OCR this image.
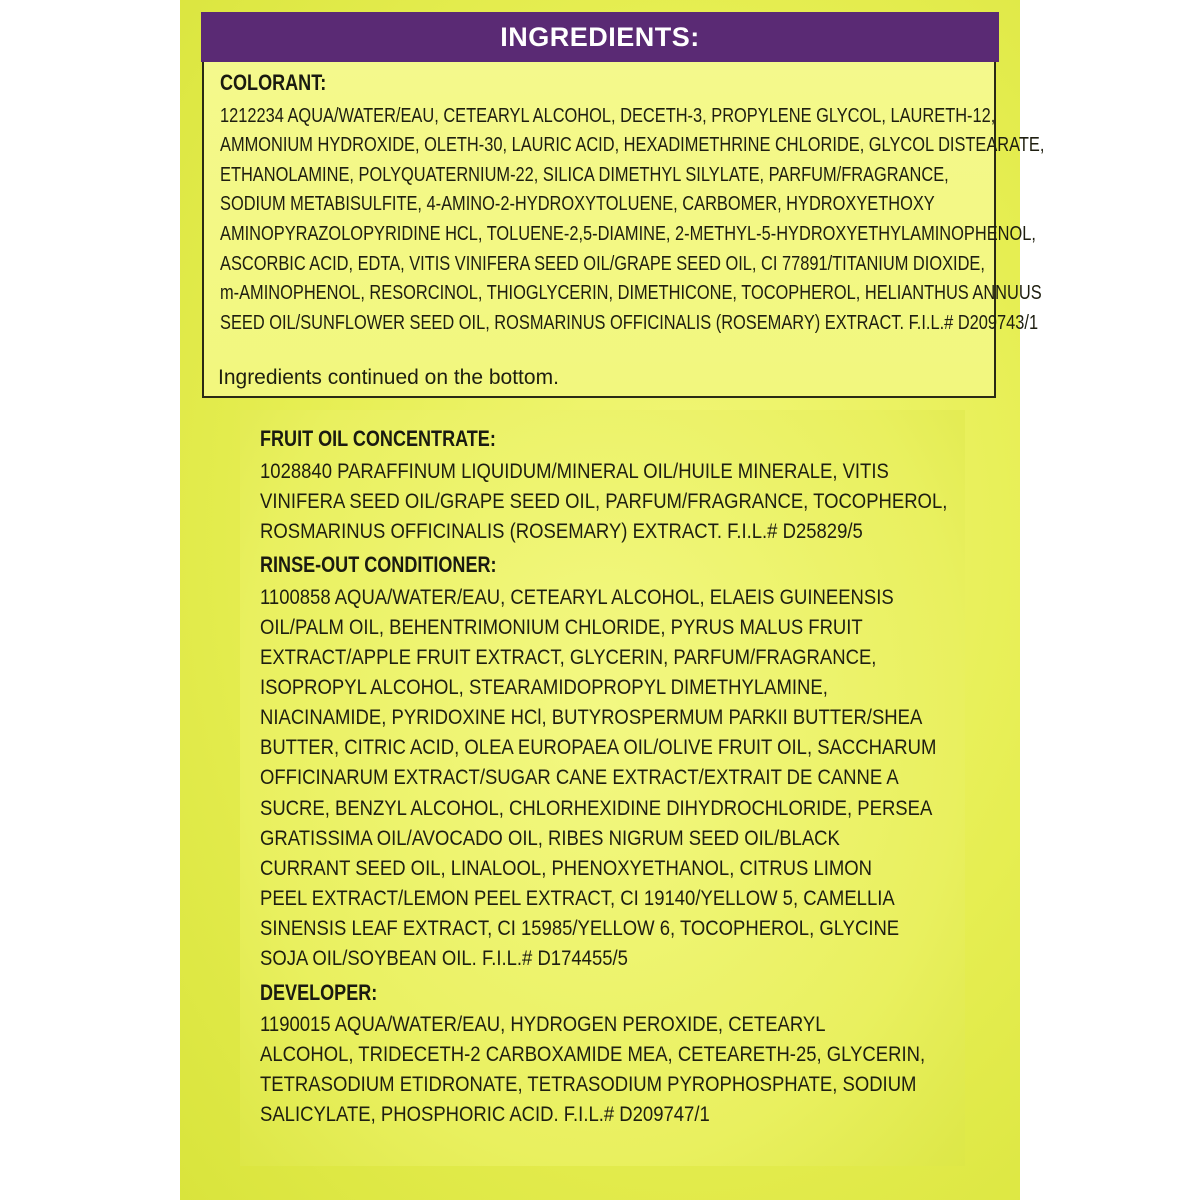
INGREDIENTS:
COLORANT:
1212234 AQUA/WATER/EAU, CETEARYL ALCOHOL, DECETH-3, PROPYLENE GLYCOL, LAURETH-12,
AMMONIUM HYDROXIDE, OLETH-30, LAURIC ACID, HEXADIMETHRINE CHLORIDE, GLYCOL DISTEARATE,
ETHANOLAMINE, POLYQUATERNIUM-22, SILICA DIMETHYL SILYLATE, PARFUM/FRAGRANCE,
SODIUM METABISULFITE, 4-AMINO-2-HYDROXYTOLUENE, CARBOMER, HYDROXYETHOXY
AMINOPYRAZOLOPYRIDINE HCL, TOLUENE-2,5-DIAMINE, 2-METHYL-5-HYDROXYETHYLAMINOPHENOL,
ASCORBIC ACID, EDTA, VITIS VINIFERA SEED OIL/GRAPE SEED OIL, CI 77891/TITANIUM DIOXIDE,
m-AMINOPHENOL, RESORCINOL, THIOGLYCERIN, DIMETHICONE, TOCOPHEROL, HELIANTHUS ANNUUS
SEED OIL/SUNFLOWER SEED OIL, ROSMARINUS OFFICINALIS (ROSEMARY) EXTRACT. F.I.L.# D209743/1
Ingredients continued on the bottom.
FRUIT OIL CONCENTRATE:
1028840 PARAFFINUM LIQUIDUM/MINERAL OIL/HUILE MINERALE, VITIS
VINIFERA SEED OIL/GRAPE SEED OIL, PARFUM/FRAGRANCE, TOCOPHEROL,
ROSMARINUS OFFICINALIS (ROSEMARY) EXTRACT. F.I.L.# D25829/5
RINSE-OUT CONDITIONER:
1100858 AQUA/WATER/EAU, CETEARYL ALCOHOL, ELAEIS GUINEENSIS
OIL/PALM OIL, BEHENTRIMONIUM CHLORIDE, PYRUS MALUS FRUIT
EXTRACT/APPLE FRUIT EXTRACT, GLYCERIN, PARFUM/FRAGRANCE,
ISOPROPYL ALCOHOL, STEARAMIDOPROPYL DIMETHYLAMINE,
NIACINAMIDE, PYRIDOXINE HCl, BUTYROSPERMUM PARKII BUTTER/SHEA
BUTTER, CITRIC ACID, OLEA EUROPAEA OIL/OLIVE FRUIT OIL, SACCHARUM
OFFICINARUM EXTRACT/SUGAR CANE EXTRACT/EXTRAIT DE CANNE A
SUCRE, BENZYL ALCOHOL, CHLORHEXIDINE DIHYDROCHLORIDE, PERSEA
GRATISSIMA OIL/AVOCADO OIL, RIBES NIGRUM SEED OIL/BLACK
CURRANT SEED OIL, LINALOOL, PHENOXYETHANOL, CITRUS LIMON
PEEL EXTRACT/LEMON PEEL EXTRACT, CI 19140/YELLOW 5, CAMELLIA
SINENSIS LEAF EXTRACT, CI 15985/YELLOW 6, TOCOPHEROL, GLYCINE
SOJA OIL/SOYBEAN OIL. F.I.L.# D174455/5
DEVELOPER:
1190015 AQUA/WATER/EAU, HYDROGEN PEROXIDE, CETEARYL
ALCOHOL, TRIDECETH-2 CARBOXAMIDE MEA, CETEARETH-25, GLYCERIN,
TETRASODIUM ETIDRONATE, TETRASODIUM PYROPHOSPHATE, SODIUM
SALICYLATE, PHOSPHORIC ACID. F.I.L.# D209747/1
